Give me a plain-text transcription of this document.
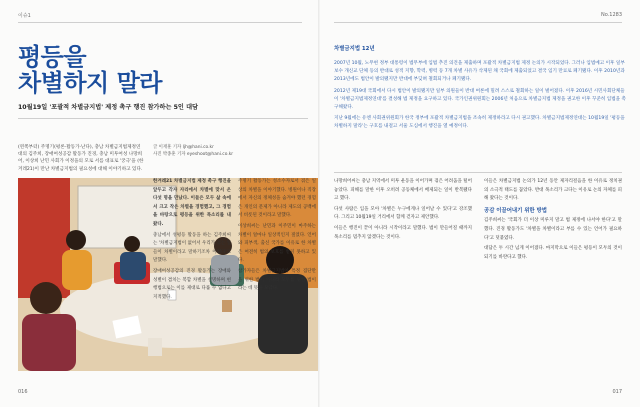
이슈1
평등을
차별하지 말라
10월19일 '포괄적 차별금지법' 제정 촉구 행진 참가하는 5인 대담
(왼쪽부터) 주명기(평론·활동가·난다), 충남 차별금지법제정연대의 김주희, 장애여성공감 활동가 진경, 충남 미투여성 나망희어, 이상희 난민 사회가 이정을의 모로 서를 대표로 '궁극'을 (한겨레21)이 만난 차별금지법의 필요성에 대해 이야기하고 있다.
글 이재훈 기자 ljh@hani.co.kr
사진 박종훈 기자 eyeshoot@hani.co.kr
016
No.1283
차별금지법 12년

2007년 10월, 노무현 정부 대통령이 법무부에 입법 추진 의견을 제출하며 포괄적 차별금지법 제정 논의가 시작되었다. 그러나 입법예고 이후 일부 보수 개신교 단체 등의 반대로 성적 지향, 학력, 병력 등 7개 차별 사유가 삭제된 채 국회에 제출되었고 결국 임기 만료로 폐기됐다. 이후 2010년과 2013년에도 법안이 발의됐지만 반대에 부딪혀 철회되거나 폐기됐다.

2012년 제19대 국회에서 다시 법안이 발의됐지만 일부 의원들이 반대 여론에 밀려 스스로 철회하는 일이 벌어졌다. 이후 2016년 시민사회단체들이 '차별금지법제정연대'를 결성해 법 제정을 요구하고 있다. 국가인권위원회는 2006년 처음으로 차별금지법 제정을 권고한 이후 꾸준히 입법을 촉구해왔다.

지난 9월에는 유엔 사회권위원회가 한국 정부에 포괄적 차별금지법을 조속히 제정하라고 다시 권고했다. 차별금지법제정연대는 10월19일 '평등을 차별하지 말라'는 구호를 내걸고 서울 도심에서 행진을 열 예정이다.

한겨레21 차별금지법 제정 촉구 행진을 앞두고 각자 자리에서 차별에 맞서 온 다섯 명을 만났다. 이들은 모두 삶 속에서 크고 작은 차별을 경험했고, 그 경험을 바탕으로 평등을 위한 목소리를 내 왔다.

충남에서 성평등 활동을 하는 김주희씨는 '차별금지법이 없어서 우리가 겪는 일들이 차별이라고 말하기조차 어렵다'고 말했다.

장애여성공감의 진경 활동가는 장애와 성별이 겹치는 복합 차별을 설명하며 현행법으로는 이를 제대로 다룰 수 없다고 지적했다.

주명기 활동가는 성소수자로서 겪은 일상의 차별을 이야기했다. 병원이나 직장에서 자신의 정체성을 숨겨야 했던 경험은 개인의 문제가 아니라 제도의 공백에서 비롯된 것이라고 말했다.

이상희씨는 난민과 이주민이 마주하는 차별이 얼마나 일상적인지 짚었다. 언어와 피부색, 출신 국가를 이유로 한 차별은 여전히 법의 보호를 받지 못하고 있다.

참가자들은 차별금지법이 특정 집단만을 위한 법이 아니라 모두를 위한 법이라는 데 뜻을 모았다.

나망희어씨는 충남 지역에서 미투 운동을 이어가며 겪은 어려움을 털어놓았다. 피해를 말한 이후 오히려 공동체에서 배제되는 일이 반복됐다고 했다.

다섯 사람은 입을 모아 '차별은 누구에게나 일어날 수 있다'고 강조했다. 그리고 10월19일 거리에서 함께 걷자고 제안했다.

이들은 행진이 끝이 아니라 시작이라고 말했다. 법이 만들어질 때까지 목소리를 멈추지 않겠다는 것이다.

이들은 차별금지법 논의가 12년 동안 제자리걸음을 한 이유로 정치권의 소극적 태도를 꼽았다. 반대 목소리가 크다는 이유로 논의 자체를 피해 왔다는 것이다.

공감 이끌어내기 위한 방법

김주희씨는 '국회가 더 이상 미루지 말고 법 제정에 나서야 한다'고 말했다. 진경 활동가도 '차별을 차별이라고 부를 수 있는 언어가 필요하다'고 덧붙였다.

대담은 두 시간 넘게 이어졌다. 마지막으로 이들은 평등이 모두의 것이 되기를 바란다고 했다.

017
